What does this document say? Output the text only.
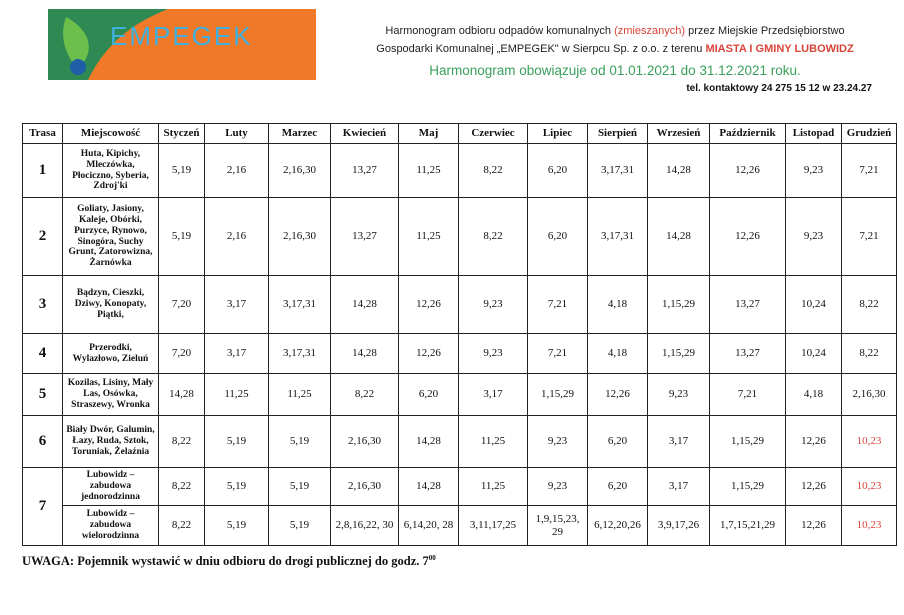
EMPEGEK	Harmonogram odbioru odpadów komunalnych (zmieszanych) przez Miejskie Przedsiębiorstwo
Gospodarki Komunalnej „EMPEGEK" w Sierpcu Sp. z o.o. z terenu MIASTA I GMINY LUBOWIDZ
Harmonogram obowiązuje od 01.01.2021 do 31.12.2021 roku.
tel. kontaktowy 24 275 15 12 w 23.24.27
Trasa	Miejscowość	Styczeń	Luty	Marzec	Kwiecień	Maj	Czerwiec	Lipiec	Sierpień	Wrzesień	Październik	Listopad	Grudzień
1	Huta, Kipichy, Mleczówka, Płociczno, Syberia, Zdroj'ki	5,19	2,16	2,16,30	13,27	11,25	8,22	6,20	3,17,31	14,28	12,26	9,23	7,21
2	Goliaty, Jasiony, Kaleje, Obórki, Purzyce, Rynowo, Sinogóra, Suchy Grunt, Zatorowizna, Żarnówka	5,19	2,16	2,16,30	13,27	11,25	8,22	6,20	3,17,31	14,28	12,26	9,23	7,21
3	Bądzyn, Cieszki, Dziwy, Konopaty, Piątki,	7,20	3,17	3,17,31	14,28	12,26	9,23	7,21	4,18	1,15,29	13,27	10,24	8,22
4	Przerodki, Wylazłowo, Zieluń	7,20	3,17	3,17,31	14,28	12,26	9,23	7,21	4,18	1,15,29	13,27	10,24	8,22
5	Kozilas, Lisiny, Mały Las, Osówka, Straszewy, Wronka	14,28	11,25	11,25	8,22	6,20	3,17	1,15,29	12,26	9,23	7,21	4,18	2,16,30
6	Biały Dwór, Galumin, Łazy, Ruda, Sztok, Toruniak, Żelaźnia	8,22	5,19	5,19	2,16,30	14,28	11,25	9,23	6,20	3,17	1,15,29	12,26	10,23
7	Lubowidz – zabudowa jednorodzinna	8,22	5,19	5,19	2,16,30	14,28	11,25	9,23	6,20	3,17	1,15,29	12,26	10,23
	Lubowidz – zabudowa wielorodzinna	8,22	5,19	5,19	2,8,16,22, 30	6,14,20, 28	3,11,17,25	1,9,15,23, 29	6,12,20,26	3,9,17,26	1,7,15,21,29	12,26	10,23
UWAGA: Pojemnik wystawić w dniu odbioru do drogi publicznej do godz. $7^{00}$
